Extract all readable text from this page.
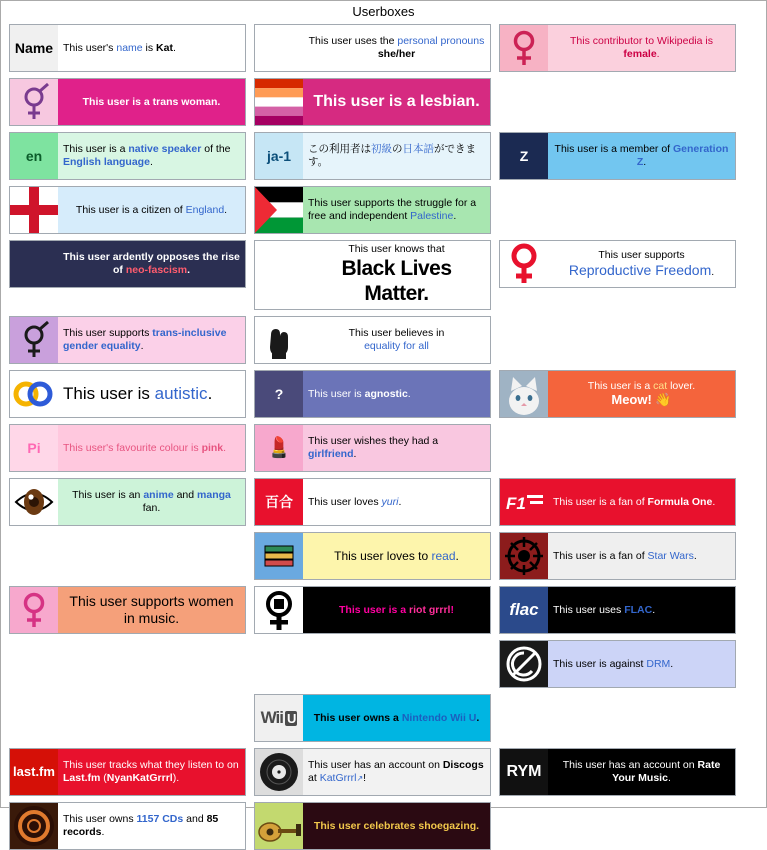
Userboxes
Name This user's name is Kat.
This user uses the personal pronouns
she/her
This contributor to Wikipedia is female.
This user is a trans woman.	This user is a lesbian.
en	This user is a native speaker of the English language.	ja-1	この利用者は初級の日本語ができます。	Z	This user is a member of Generation Z.
This user is a citizen of England.
This user supports the struggle for a free and independent Palestine.
This user ardently opposes the rise of neo-fascism.
This user knows that
Black Lives Matter.
This user supports
Reproductive Freedom.
This user supports trans-inclusive gender equality.
This user believes in
equality for all
This user is autistic.	?	This user is agnostic.
This user is a cat lover.
Meow! 👋
Pi	This user's favourite colour is pink.	💄 This user wishes they had a girlfriend.
This user is an anime and manga fan.	百合	This user loves yuri.	F1	This user is a fan of Formula One.
This user loves to read.	This user is a fan of Star Wars.
This user supports women in music.
This user is a riot grrrl!	flac This user uses FLAC.
This user is against DRM.
Wii U	This user owns a Nintendo Wii U.
last.fm This user tracks what they listen to on Last.fm (NyanKatGrrrl).
This user has an account on Discogs at KatGrrrl↗!	RYM	This user has an account on Rate Your Music.
This user owns 1157 CDs and 85 records.
This user celebrates shoegazing.
